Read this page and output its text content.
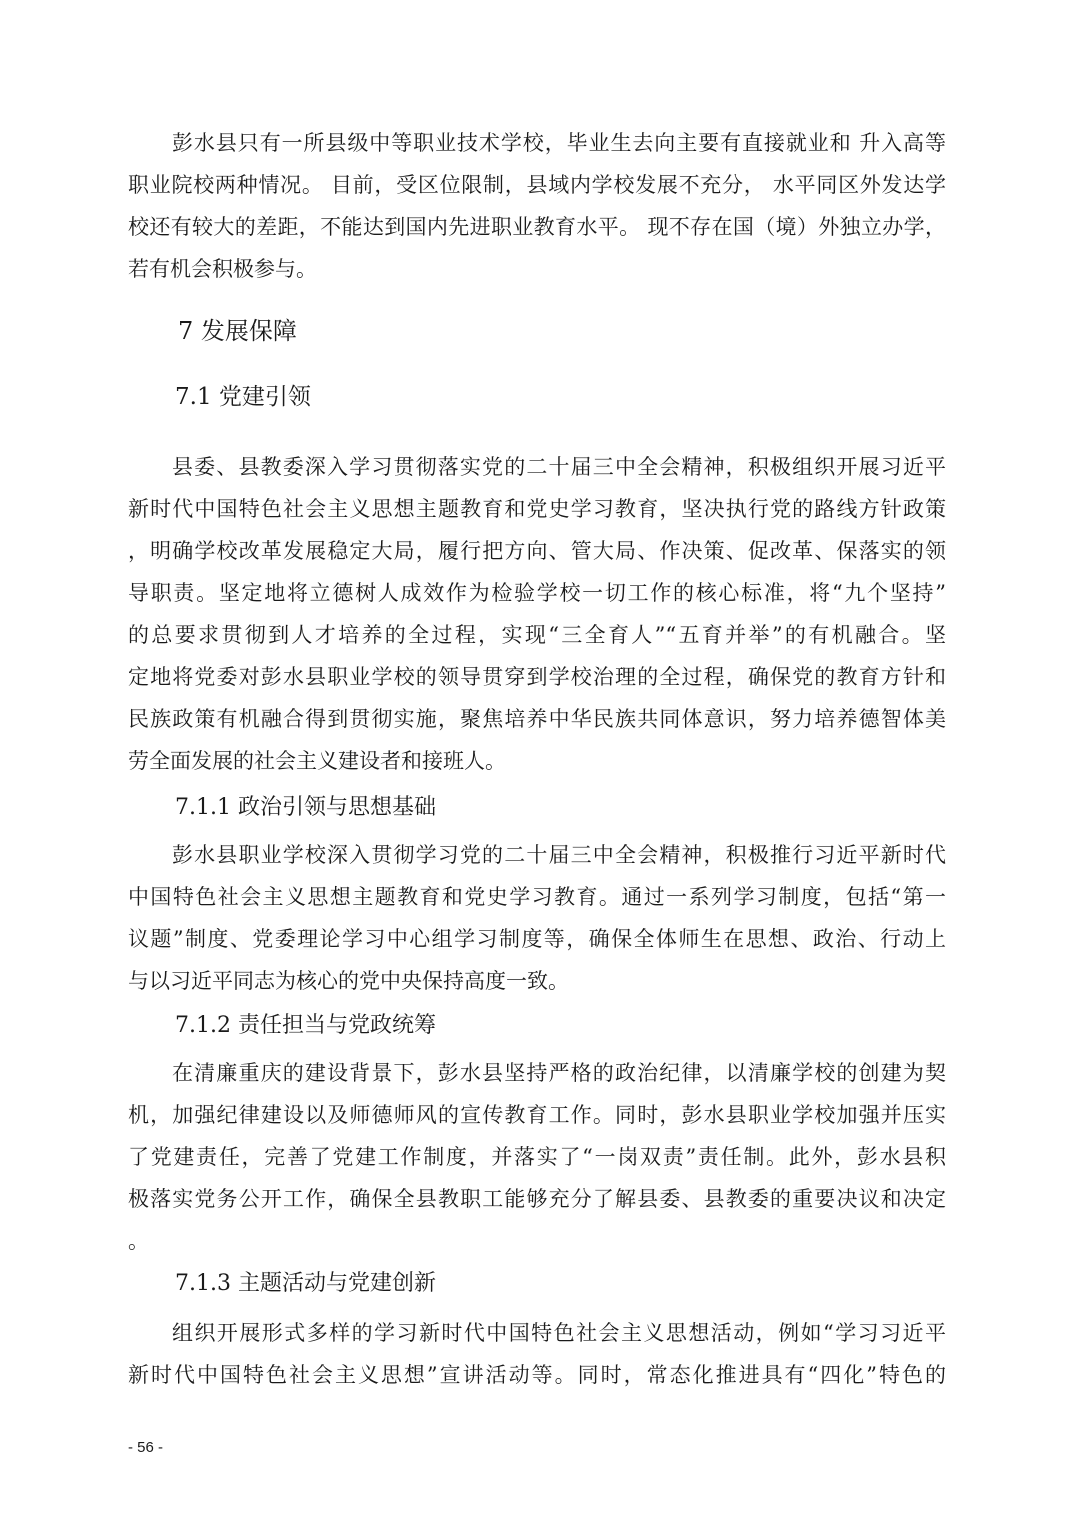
彭水县只有一所县级中等职业技术学校，毕业生去向主要有直接就业和 升入高等
职业院校两种情况。 目前，受区位限制，县域内学校发展不充分， 水平同区外发达学
校还有较大的差距，不能达到国内先进职业教育水平。 现不存在国（境）外独立办学，
若有机会积极参与。
7 发展保障
7.1 党建引领
县委、县教委深入学习贯彻落实党的二十届三中全会精神，积极组织开展习近平
新时代中国特色社会主义思想主题教育和党史学习教育，坚决执行党的路线方针政策
，明确学校改革发展稳定大局，履行把方向、管大局、作决策、促改革、保落实的领
导职责。坚定地将立德树人成效作为检验学校一切工作的核心标准，将“九个坚持”
的总要求贯彻到人才培养的全过程，实现“三全育人”“五育并举”的有机融合。坚
定地将党委对彭水县职业学校的领导贯穿到学校治理的全过程，确保党的教育方针和
民族政策有机融合得到贯彻实施，聚焦培养中华民族共同体意识，努力培养德智体美
劳全面发展的社会主义建设者和接班人。
7.1.1 政治引领与思想基础
彭水县职业学校深入贯彻学习党的二十届三中全会精神，积极推行习近平新时代
中国特色社会主义思想主题教育和党史学习教育。通过一系列学习制度，包括“第一
议题”制度、党委理论学习中心组学习制度等，确保全体师生在思想、政治、行动上
与以习近平同志为核心的党中央保持高度一致。
7.1.2 责任担当与党政统筹
在清廉重庆的建设背景下，彭水县坚持严格的政治纪律，以清廉学校的创建为契
机，加强纪律建设以及师德师风的宣传教育工作。同时，彭水县职业学校加强并压实
了党建责任，完善了党建工作制度，并落实了“一岗双责”责任制。此外，彭水县积
极落实党务公开工作，确保全县教职工能够充分了解县委、县教委的重要决议和决定
。
7.1.3 主题活动与党建创新
组织开展形式多样的学习新时代中国特色社会主义思想活动，例如“学习习近平
新时代中国特色社会主义思想”宣讲活动等。同时，常态化推进具有“四化”特色的
- 56 -
